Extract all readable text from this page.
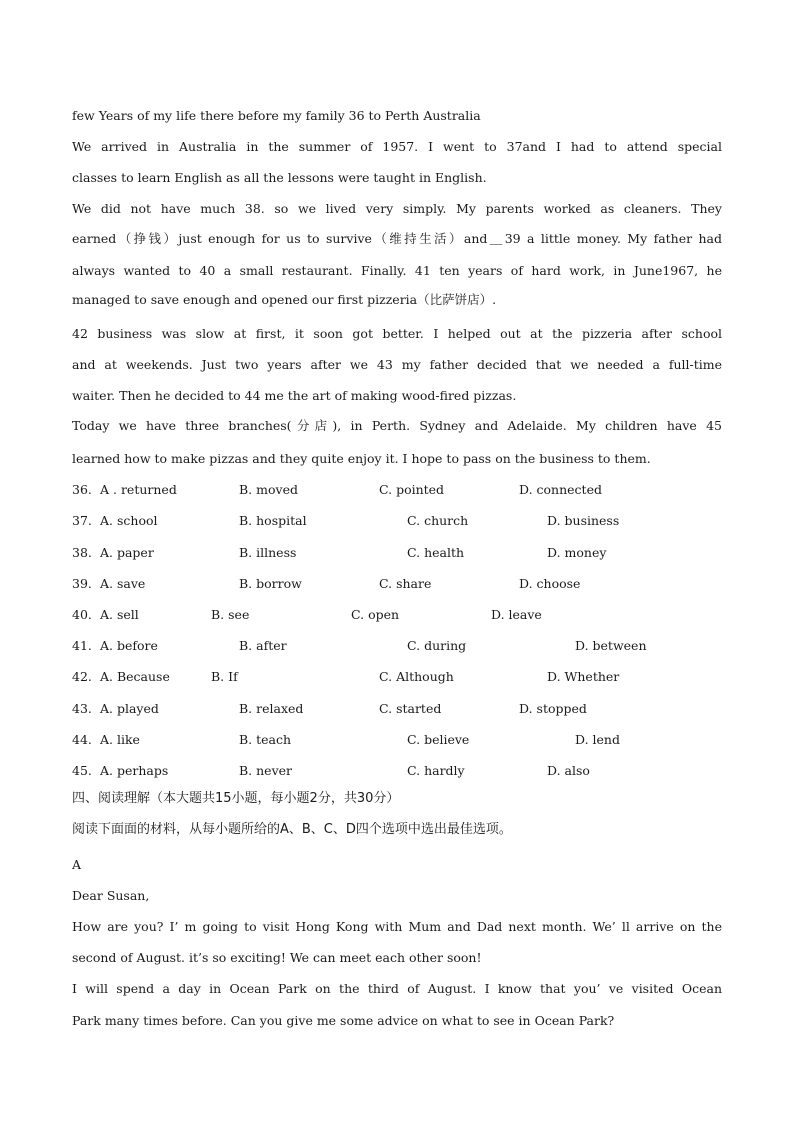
few Years of my life there before my family 36 to Perth Australia
We arrived in Australia in the summer of 1957. I went to 37and I had to attend special
classes to learn English as all the lessons were taught in English.
We did not have much 38. so we lived very simply. My parents worked as cleaners. They
earned（挣钱）just enough for us to survive（维持生活）and＿39 a little money. My father had
always wanted to 40 a small restaurant. Finally. 41 ten years of hard work, in June1967, he
managed to save enough and opened our first pizzeria（比萨饼店）.
42 business was slow at first, it soon got better. I helped out at the pizzeria after school
and at weekends. Just two years after we 43 my father decided that we needed a full-time
waiter. Then he decided to 44 me the art of making wood-fired pizzas.
Today we have three branches(分店), in Perth. Sydney and Adelaide. My children have 45
learned how to make pizzas and they quite enjoy it. I hope to pass on the business to them.
36. A . returned	B. moved	C. pointed	D. connected
37. A. school	B. hospital	C. church	D. business
38. A. paper	B. illness	C. health	D. money
39. A. save	B. borrow	C. share	D. choose
40. A. sell	B. see	C. open	D. leave
41. A. before	B. after	C. during	D. between
42. A. Because	B. If	C. Although	D. Whether
43. A. played	B. relaxed	C. started	D. stopped
44. A. like	B. teach	C. believe	D. lend
45. A. perhaps	B. never	C. hardly	D. also
四、阅读理解（本大题共15小题，每小题2分，共30分）
阅读下面面的材料，从每小题所给的A、B、C、D四个选项中选出最佳选项。
A
Dear Susan,
How are you? I’ m going to visit Hong Kong with Mum and Dad next month. We’ ll arrive on the
second of August. it’s so exciting! We can meet each other soon!
I will spend a day in Ocean Park on the third of August. I know that you’ ve visited Ocean
Park many times before. Can you give me some advice on what to see in Ocean Park?
